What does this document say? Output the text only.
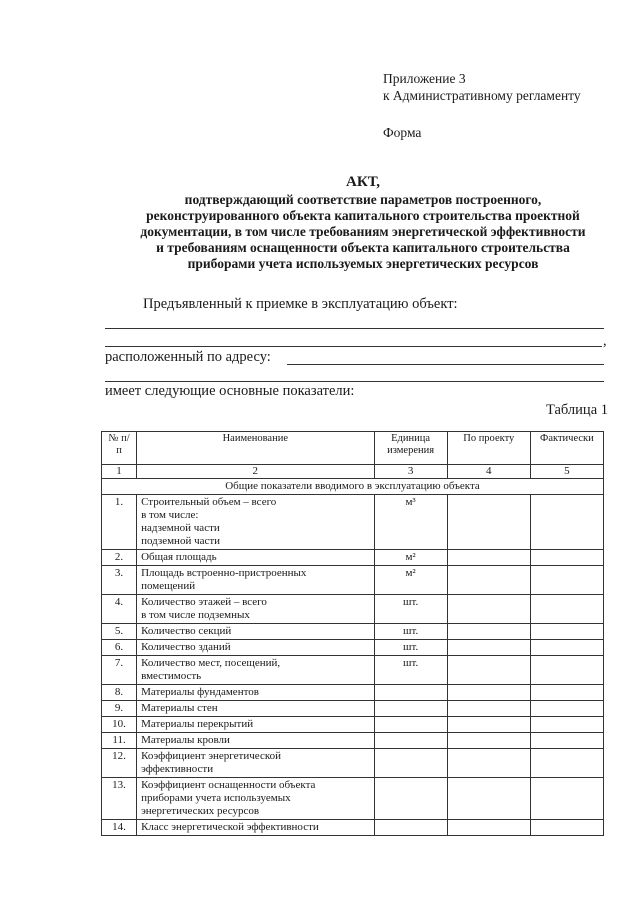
Приложение 3
к Административному регламенту
Форма
АКТ,
подтверждающий соответствие параметров построенного,
реконструированного объекта капитального строительства проектной
документации, в том числе требованиям энергетической эффективности
и требованиям оснащенности объекта капитального строительства
приборами учета используемых энергетических ресурсов
Предъявленный к приемке в эксплуатацию объект:
,
расположенный по адресу:
имеет следующие основные показатели:
Таблица 1
№ п/п	Наименование	Единица измерения	По проекту	Фактически
1	2	3	4	5
Общие показатели вводимого в эксплуатацию объекта				
1.	Строительный объем – всего
в том числе:
надземной части
подземной части	м³		
2.	Общая площадь	м²		
3.	Площадь встроенно-пристроенных
помещений	м²		
4.	Количество этажей – всего
в том числе подземных	шт.		
5.	Количество секций	шт.		
6.	Количество зданий	шт.		
7.	Количество мест, посещений,
вместимость	шт.		
8.	Материалы фундаментов			
9.	Материалы стен			
10.	Материалы перекрытий			
11.	Материалы кровли			
12.	Коэффициент энергетической
эффективности			
13.	Коэффициент оснащенности объекта
приборами учета используемых
энергетических ресурсов			
14.	Класс энергетической эффективности			
